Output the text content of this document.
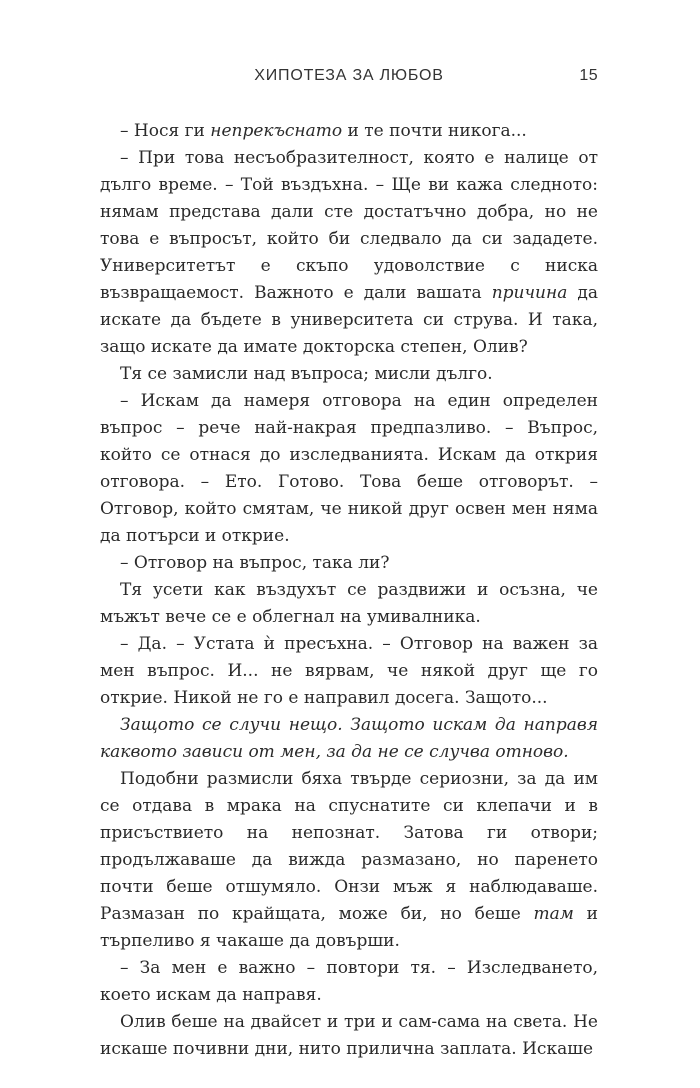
ХИПОТЕЗА ЗА ЛЮБОВ	15

– Нося ги непрекъснато и те почти никога...

– При това несъобразителност, която е налице от дълго време. – Той въздъхна. – Ще ви кажа следното: нямам представа дали сте достатъчно добра, но не това е въпросът, който би следвало да си зададете. Университетът е скъпо удоволствие с ниска възвращаемост. Важното е дали вашата причина да искате да бъдете в университета си струва. И така, защо искате да имате докторска степен, Олив?

Тя се замисли над въпроса; мисли дълго.

– Искам да намеря отговора на един определен въпрос – рече най-накрая предпазливо. – Въпрос, който се отнася до изследванията. Искам да открия отговора. – Ето. Готово. Това беше отговорът. – Отговор, който смятам, че никой друг освен мен няма да потърси и открие.

– Отговор на въпрос, така ли?

Тя усети как въздухът се раздвижи и осъзна, че мъжът вече се е облегнал на умивалника.

– Да. – Устата ѝ пресъхна. – Отговор на важен за мен въпрос. И... не вярвам, че някой друг ще го открие. Никой не го е направил досега. Защото...

Защото се случи нещо. Защото искам да направя каквото зависи от мен, за да не се случва отново.

Подобни размисли бяха твърде сериозни, за да им се отдава в мрака на спуснатите си клепачи и в присъствието на непознат. Затова ги отвори; продължаваше да вижда размазано, но паренето почти беше отшумяло. Онзи мъж я наблюдаваше. Размазан по крайщата, може би, но беше там и търпеливо я чакаше да довърши.

– За мен е важно – повтори тя. – Изследването, което искам да направя.

Олив беше на двайсет и три и сам-сама на света. Не искаше почивни дни, нито прилична заплата. Искаше
